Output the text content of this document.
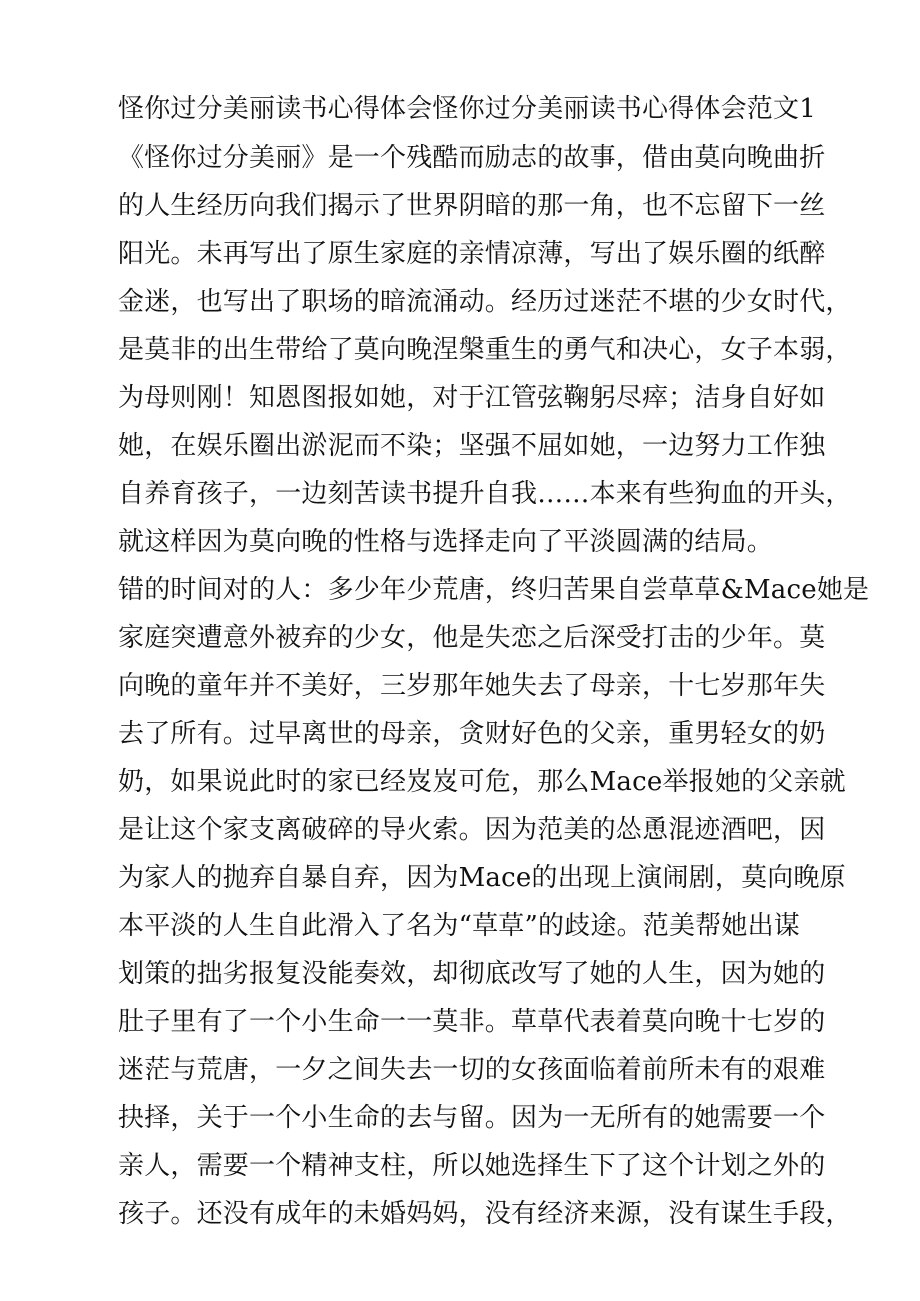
怪你过分美丽读书心得体会怪你过分美丽读书心得体会范文1
《怪你过分美丽》是一个残酷而励志的故事，借由莫向晚曲折
的人生经历向我们揭示了世界阴暗的那一角，也不忘留下一丝
阳光。未再写出了原生家庭的亲情凉薄，写出了娱乐圈的纸醉
金迷，也写出了职场的暗流涌动。经历过迷茫不堪的少女时代，
是莫非的出生带给了莫向晚涅槃重生的勇气和决心，女子本弱，
为母则刚！知恩图报如她，对于江管弦鞠躬尽瘁；洁身自好如
她，在娱乐圈出淤泥而不染；坚强不屈如她，一边努力工作独
自养育孩子，一边刻苦读书提升自我……本来有些狗血的开头，
就这样因为莫向晚的性格与选择走向了平淡圆满的结局。
错的时间对的人：多少年少荒唐，终归苦果自尝草草&Mace她是
家庭突遭意外被弃的少女，他是失恋之后深受打击的少年。莫
向晚的童年并不美好，三岁那年她失去了母亲，十七岁那年失
去了所有。过早离世的母亲，贪财好色的父亲，重男轻女的奶
奶，如果说此时的家已经岌岌可危，那么Mace举报她的父亲就
是让这个家支离破碎的导火索。因为范美的怂恿混迹酒吧，因
为家人的抛弃自暴自弃，因为Mace的出现上演闹剧，莫向晚原
本平淡的人生自此滑入了名为“草草”的歧途。范美帮她出谋
划策的拙劣报复没能奏效，却彻底改写了她的人生，因为她的
肚子里有了一个小生命一一莫非。草草代表着莫向晚十七岁的
迷茫与荒唐，一夕之间失去一切的女孩面临着前所未有的艰难
抉择，关于一个小生命的去与留。因为一无所有的她需要一个
亲人，需要一个精神支柱，所以她选择生下了这个计划之外的
孩子。还没有成年的未婚妈妈，没有经济来源，没有谋生手段，
